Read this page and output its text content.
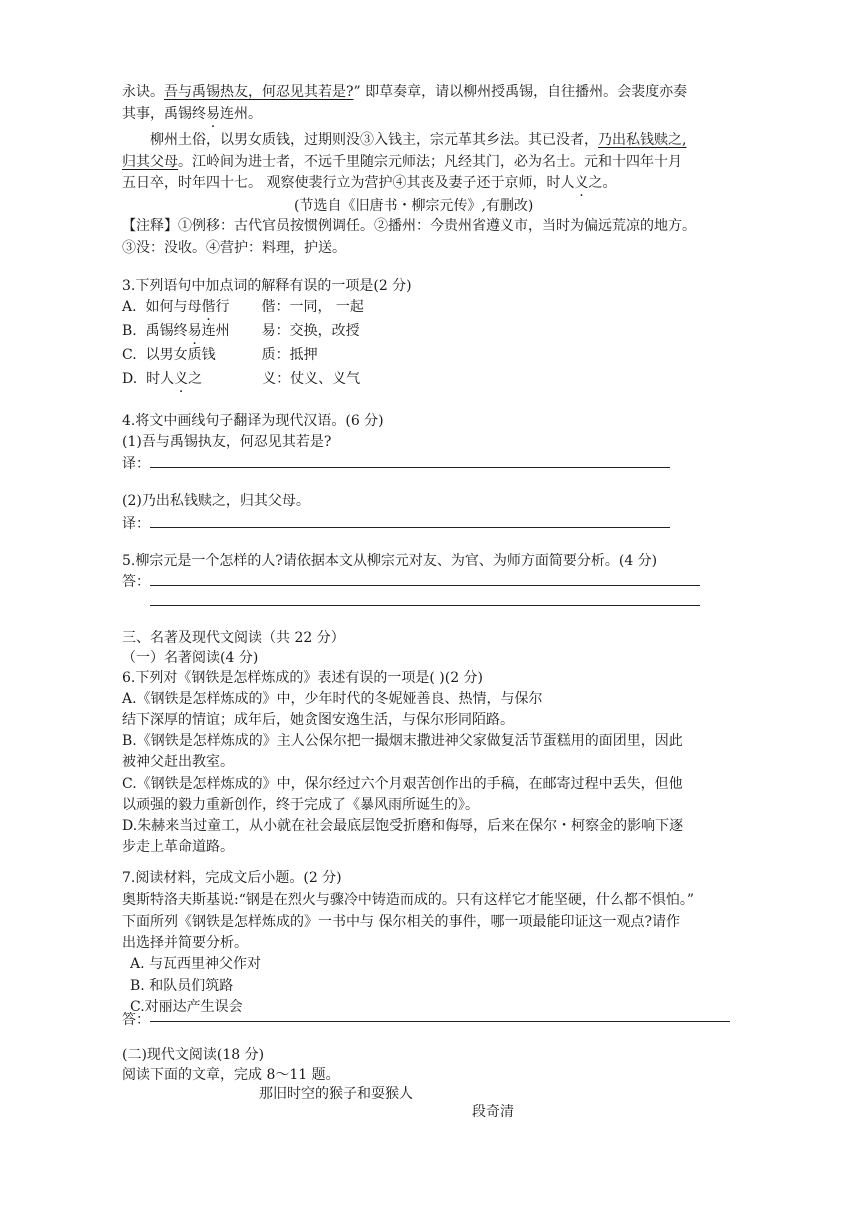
永诀。吾与禹锡热友，何忍见其若是?” 即草奏章，请以柳州授禹锡，自往播州。会裴度亦奏
其事，禹锡终易连州。
柳州土俗，以男女质钱，过期则没③入钱主，宗元革其乡法。其已没者，乃出私钱赎之,
归其父母。江岭间为进士者，不远千里随宗元师法；凡经其门，必为名士。元和十四年十月
五日卒，时年四十七。 观察使裴行立为营护④其丧及妻子还于京师，时人义之。
(节选自《旧唐书・柳宗元传》,有删改)
【注释】①例移：古代官员按惯例调任。②播州：今贵州省遵义市，当时为偏远荒凉的地方。
③没：没收。④营护：料理，护送。
3.下列语句中加点词的解释有误的一项是(2 分)
A. 如何与母偕行 偕：一同， 一起
B. 禹锡终易连州 易：交换，改授
C. 以男女质钱	质：抵押
D. 时人义之	义：仗义、义气
4.将文中画线句子翻译为现代汉语。(6 分)
(1)吾与禹锡执友，何忍见其若是?
译：
(2)乃出私钱赎之，归其父母。
译：
5.柳宗元是一个怎样的人?请依据本文从柳宗元对友、为官、为师方面简要分析。(4 分)
答：
三、名著及现代文阅读（共 22 分）
（一）名著阅读(4 分)
6.下列对《钢铁是怎样炼成的》表述有误的一项是( )(2 分)
A.《钢铁是怎样炼成的》中，少年时代的冬妮娅善良、热情，与保尔
结下深厚的情谊；成年后，她贪图安逸生活，与保尔形同陌路。
B.《钢铁是怎样炼成的》主人公保尔把一撮烟末撒进神父家做复活节蛋糕用的面团里，因此
被神父赶出教室。
C.《钢铁是怎样炼成的》中，保尔经过六个月艰苦创作出的手稿，在邮寄过程中丢失，但他
以顽强的毅力重新创作，终于完成了《暴风雨所诞生的》。
D.朱赫来当过童工，从小就在社会最底层饱受折磨和侮辱，后来在保尔・柯察金的影响下逐
步走上革命道路。
7.阅读材料，完成文后小题。(2 分)
奥斯特洛夫斯基说:“钢是在烈火与骤冷中铸造而成的。只有这样它才能坚硬，什么都不惧怕。”
下面所列《钢铁是怎样炼成的》一书中与 保尔相关的事件，哪一项最能印证这一观点?请作
出选择并简要分析。
A. 与瓦西里神父作对
B. 和队员们筑路
C.对丽达产生误会
答：
(二)现代文阅读(18 分)
阅读下面的文章，完成 8～11 题。
那旧时空的猴子和耍猴人
段奇清
